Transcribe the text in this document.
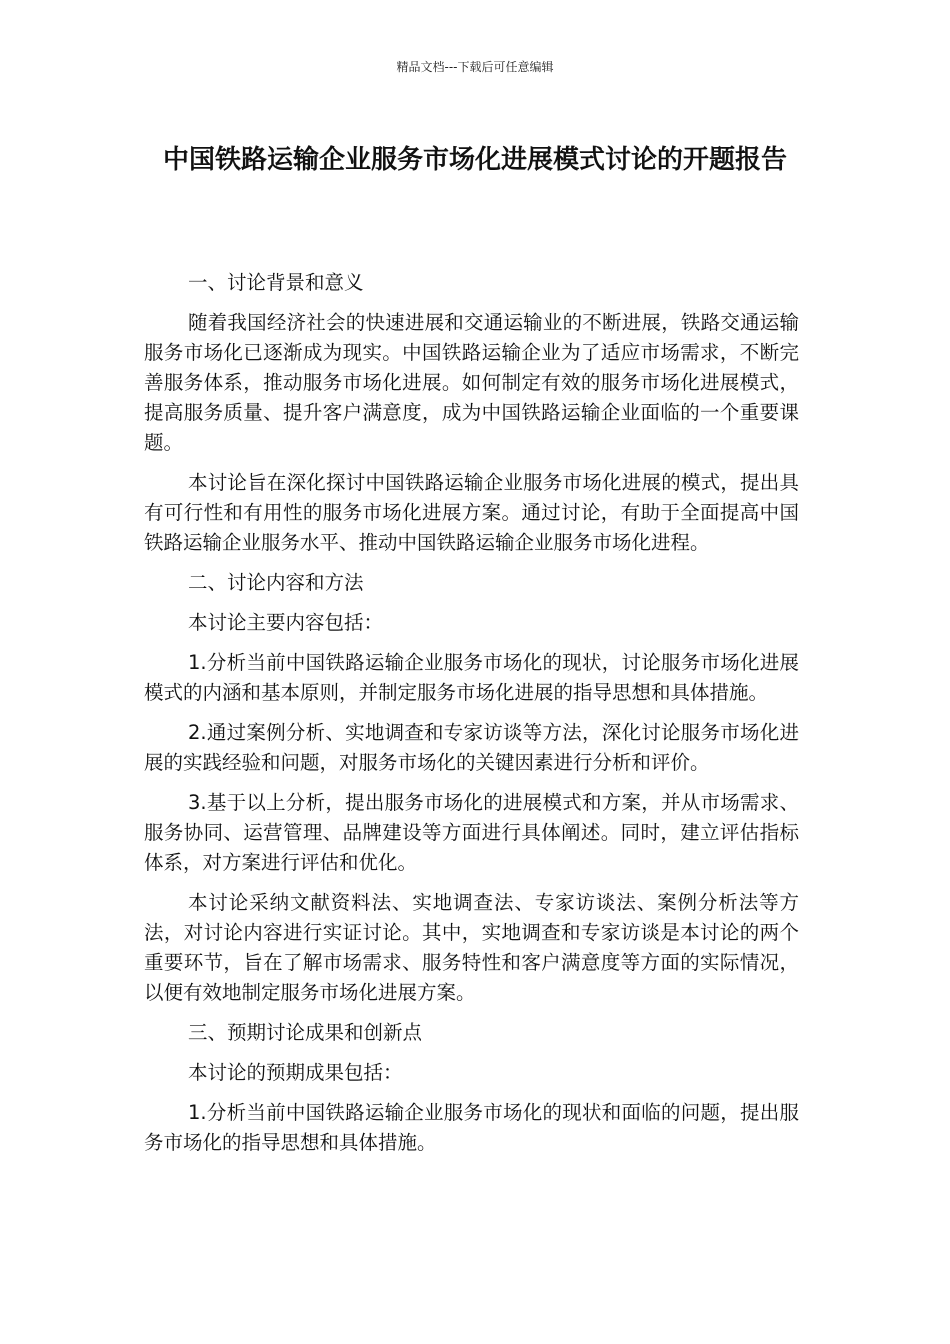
精品文档---下载后可任意编辑
中国铁路运输企业服务市场化进展模式讨论的开题报告

一、讨论背景和意义

随着我国经济社会的快速进展和交通运输业的不断进展，铁路交通运输服务市场化已逐渐成为现实。中国铁路运输企业为了适应市场需求，不断完善服务体系，推动服务市场化进展。如何制定有效的服务市场化进展模式，提高服务质量、提升客户满意度，成为中国铁路运输企业面临的一个重要课题。

本讨论旨在深化探讨中国铁路运输企业服务市场化进展的模式，提出具有可行性和有用性的服务市场化进展方案。通过讨论，有助于全面提高中国铁路运输企业服务水平、推动中国铁路运输企业服务市场化进程。

二、讨论内容和方法

本讨论主要内容包括：

1.分析当前中国铁路运输企业服务市场化的现状，讨论服务市场化进展模式的内涵和基本原则，并制定服务市场化进展的指导思想和具体措施。

2.通过案例分析、实地调查和专家访谈等方法，深化讨论服务市场化进展的实践经验和问题，对服务市场化的关键因素进行分析和评价。

3.基于以上分析，提出服务市场化的进展模式和方案，并从市场需求、服务协同、运营管理、品牌建设等方面进行具体阐述。同时，建立评估指标体系，对方案进行评估和优化。

本讨论采纳文献资料法、实地调查法、专家访谈法、案例分析法等方法，对讨论内容进行实证讨论。其中，实地调查和专家访谈是本讨论的两个重要环节，旨在了解市场需求、服务特性和客户满意度等方面的实际情况，以便有效地制定服务市场化进展方案。

三、预期讨论成果和创新点

本讨论的预期成果包括：

1.分析当前中国铁路运输企业服务市场化的现状和面临的问题，提出服务市场化的指导思想和具体措施。
